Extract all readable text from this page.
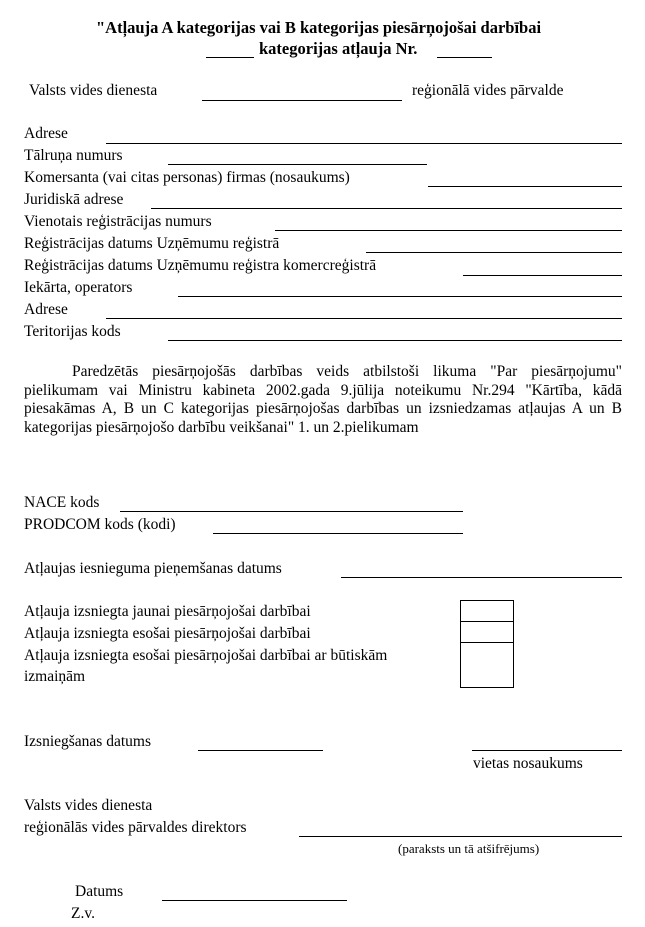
"Atļauja A kategorijas vai B kategorijas piesārņojošai darbībai
kategorijas atļauja Nr.
Valsts vides dienesta	reģionālā vides pārvalde
Adrese
Tālruņa numurs
Komersanta (vai citas personas) firmas (nosaukums)
Juridiskā adrese
Vienotais reģistrācijas numurs
Reģistrācijas datums Uzņēmumu reģistrā
Reģistrācijas datums Uzņēmumu reģistra komercreģistrā
Iekārta, operators
Adrese
Teritorijas kods
Paredzētās piesārņojošās darbības veids atbilstoši likuma "Par piesārņojumu" pielikumam vai Ministru kabineta 2002.gada 9.jūlija noteikumu Nr.294 "Kārtība, kādā piesakāmas A, B un C kategorijas piesārņojošas darbības un izsniedzamas atļaujas A un B kategorijas piesārņojošo darbību veikšanai" 1. un 2.pielikumam
NACE kods
PRODCOM kods (kodi)
Atļaujas iesnieguma pieņemšanas datums
Atļauja izsniegta jaunai piesārņojošai darbībai
Atļauja izsniegta esošai piesārņojošai darbībai
Atļauja izsniegta esošai piesārņojošai darbībai ar būtiskām
izmaiņām
Izsniegšanas datums
vietas nosaukums
Valsts vides dienesta
reģionālās vides pārvaldes direktors
(paraksts un tā atšifrējums)
Datums
Z.v.
